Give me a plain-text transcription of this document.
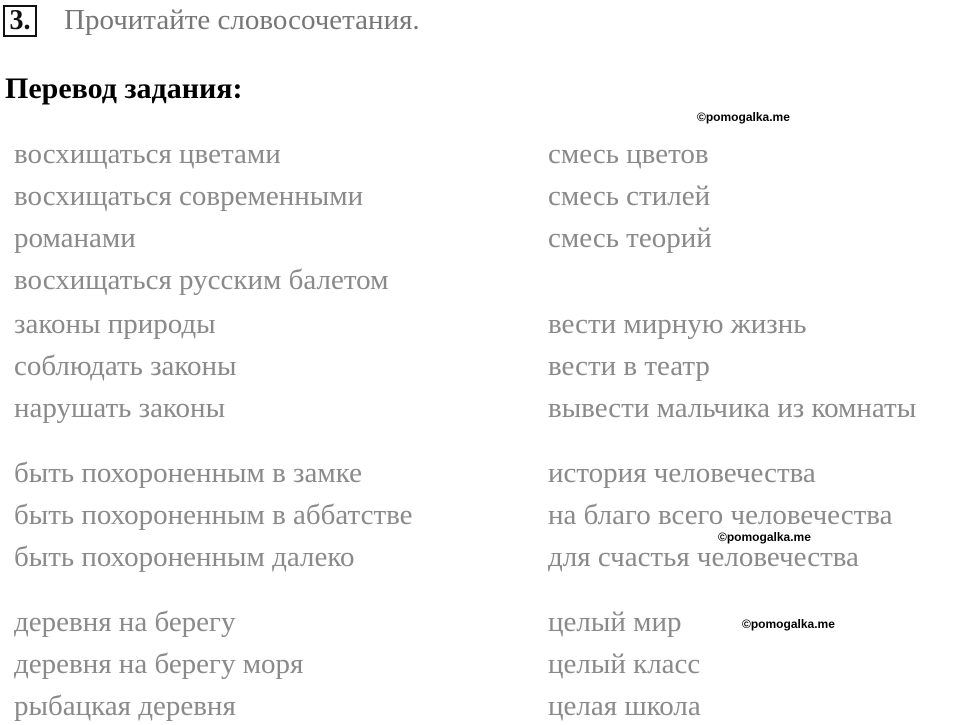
3. Прочитайте словосочетания.
Перевод задания:
©pomogalka.me
©pomogalka.me
©pomogalka.me
восхищаться цветами
восхищаться современными
романами
восхищаться русским балетом
законы природы
соблюдать законы
нарушать законы
быть похороненным в замке
быть похороненным в аббатстве
быть похороненным далеко
деревня на берегу
деревня на берегу моря
рыбацкая деревня
смесь цветов
смесь стилей
смесь теорий
вести мирную жизнь
вести в театр
вывести мальчика из комнаты
история человечества
на благо всего человечества
для счастья человечества
целый мир
целый класс
целая школа
